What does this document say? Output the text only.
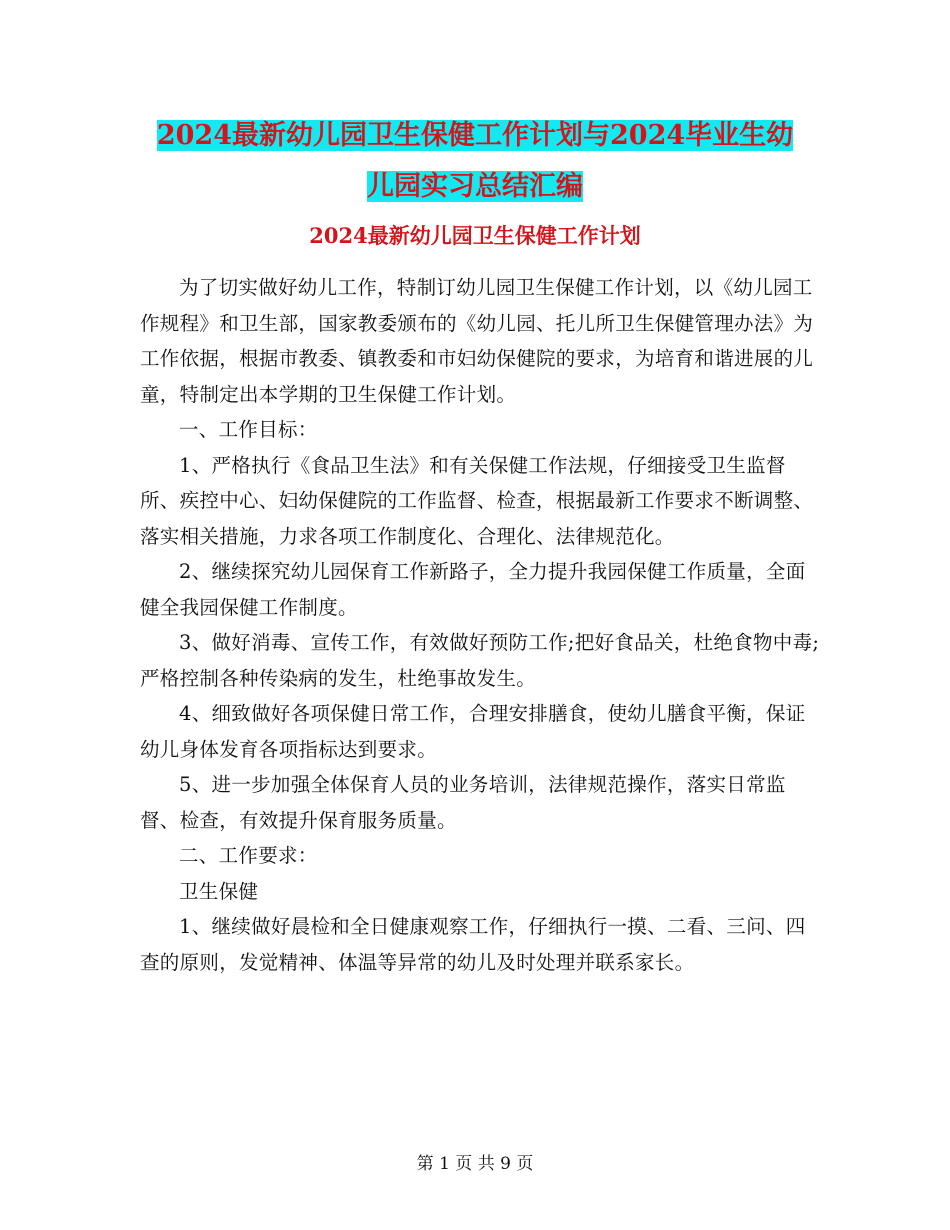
2024最新幼儿园卫生保健工作计划与2024毕业生幼儿园实习总结汇编
2024最新幼儿园卫生保健工作计划

为了切实做好幼儿工作，特制订幼儿园卫生保健工作计划，以《幼儿园工作规程》和卫生部，国家教委颁布的《幼儿园、托儿所卫生保健管理办法》为工作依据，根据市教委、镇教委和市妇幼保健院的要求，为培育和谐进展的儿童，特制定出本学期的卫生保健工作计划。

一、工作目标：

1、严格执行《食品卫生法》和有关保健工作法规，仔细接受卫生监督所、疾控中心、妇幼保健院的工作监督、检查，根据最新工作要求不断调整、落实相关措施，力求各项工作制度化、合理化、法律规范化。

2、继续探究幼儿园保育工作新路子，全力提升我园保健工作质量，全面健全我园保健工作制度。

3、做好消毒、宣传工作，有效做好预防工作;把好食品关，杜绝食物中毒;严格控制各种传染病的发生，杜绝事故发生。

4、细致做好各项保健日常工作，合理安排膳食，使幼儿膳食平衡，保证幼儿身体发育各项指标达到要求。

5、进一步加强全体保育人员的业务培训，法律规范操作，落实日常监督、检查，有效提升保育服务质量。

二、工作要求：

卫生保健

1、继续做好晨检和全日健康观察工作，仔细执行一摸、二看、三问、四查的原则，发觉精神、体温等异常的幼儿及时处理并联系家长。

第 1 页 共 9 页
